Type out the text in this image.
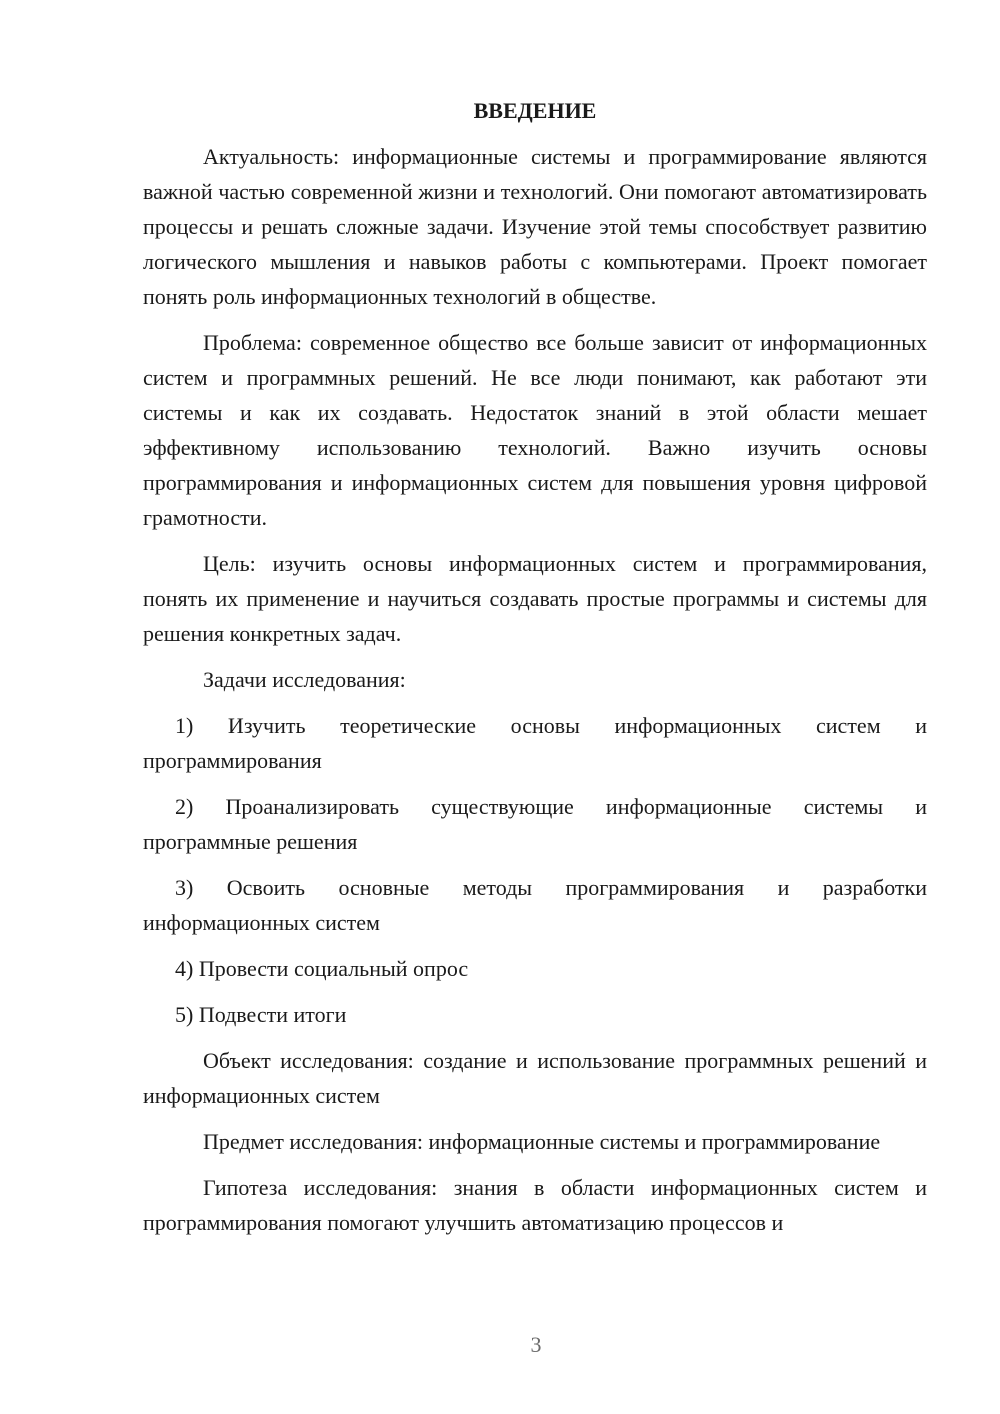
ВВЕДЕНИЕ

Актуальность: информационные системы и программирование являются важной частью современной жизни и технологий. Они помогают автоматизировать процессы и решать сложные задачи. Изучение этой темы способствует развитию логического мышления и навыков работы с компьютерами. Проект помогает понять роль информационных технологий в обществе.

Проблема: современное общество все больше зависит от информационных систем и программных решений. Не все люди понимают, как работают эти системы и как их создавать. Недостаток знаний в этой области мешает эффективному использованию технологий. Важно изучить основы программирования и информационных систем для повышения уровня цифровой грамотности.

Цель: изучить основы информационных систем и программирования, понять их применение и научиться создавать простые программы и системы для решения конкретных задач.

Задачи исследования:

1) Изучить теоретические основы информационных систем и программирования

2) Проанализировать существующие информационные системы и программные решения

3) Освоить основные методы программирования и разработки информационных систем

4) Провести социальный опрос

5) Подвести итоги

Объект исследования: создание и использование программных решений и информационных систем

Предмет исследования: информационные системы и программирование

Гипотеза исследования: знания в области информационных систем и программирования помогают улучшить автоматизацию процессов и

3
